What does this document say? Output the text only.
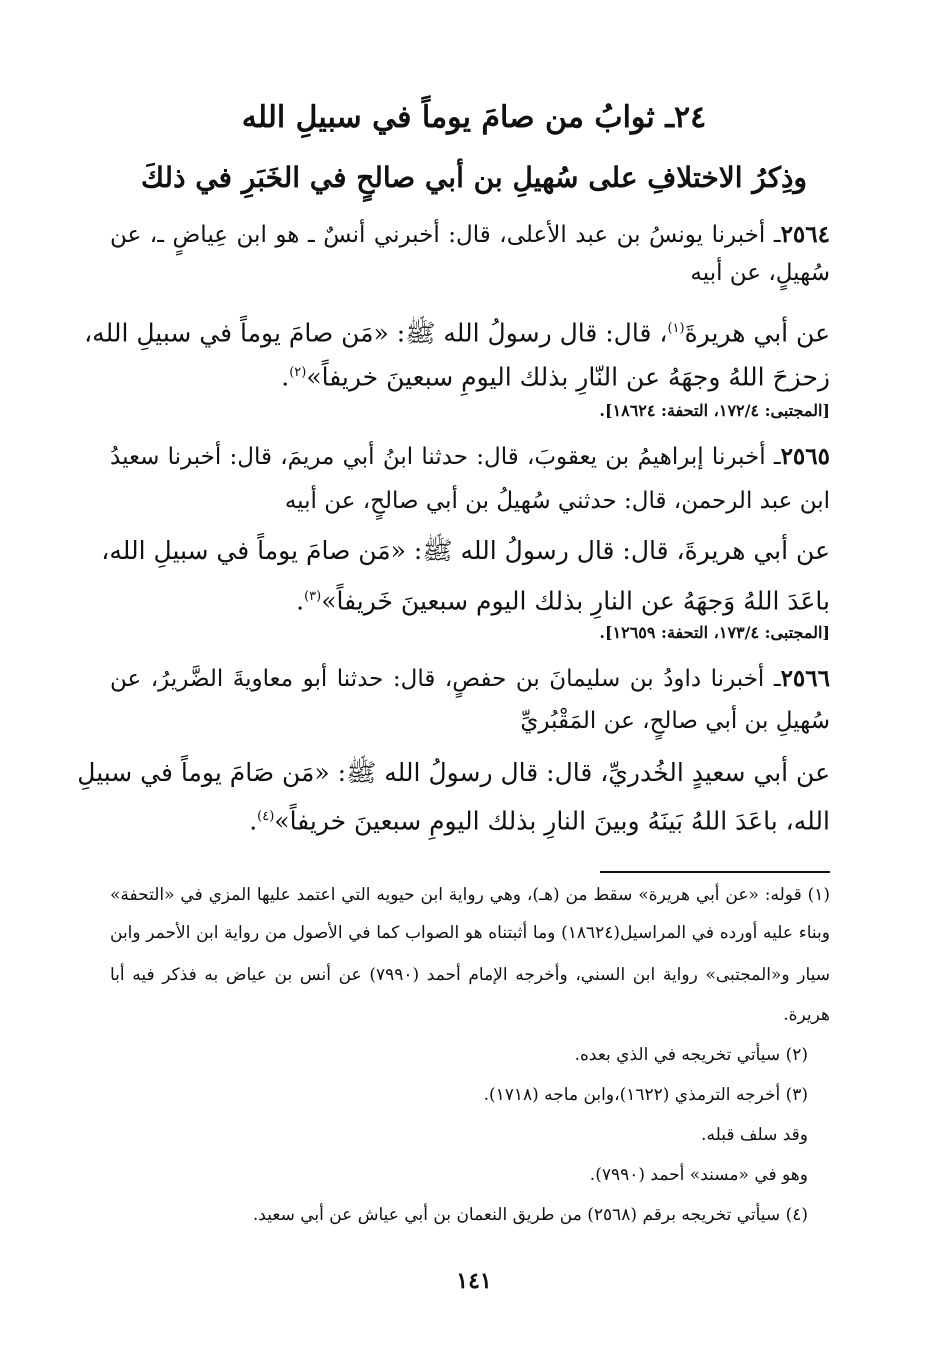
٢٤ـ ثوابُ من صامَ يوماً في سبيلِ الله
وذِكرُ الاختلافِ على سُهيلِ بن أبي صالحٍ في الخَبَرِ في ذلكَ
٢٥٦٤ـ أخبرنا يونسُ بن عبد الأعلى، قال: أخبرني أنسٌ ـ هو ابن عِياضٍ ـ، عن
سُهيلٍ، عن أبيه
عن أبي هريرةَ$^{(١)}$، قال: قال رسولُ الله ﷺ: «مَن صامَ يوماً في سبيلِ الله،
زحزحَ اللهُ وجهَهُ عن النّارِ بذلك اليومِ سبعينَ خريفاً»$^{(٢)}$.
[المجتبى: ١٧٢/٤، التحفة: ١٨٦٢٤].
٢٥٦٥ـ أخبرنا إبراهيمُ بن يعقوبَ، قال: حدثنا ابنُ أبي مريمَ، قال: أخبرنا سعيدُ
ابن عبد الرحمن، قال: حدثني سُهيلُ بن أبي صالحٍ، عن أبيه
عن أبي هريرةَ، قال: قال رسولُ الله ﷺ: «مَن صامَ يوماً في سبيلِ الله،
باعَدَ اللهُ وَجهَهُ عن النارِ بذلك اليوم سبعينَ خَريفاً»$^{(٣)}$.
[المجتبى: ١٧٣/٤، التحفة: ١٢٦٥٩].
٢٥٦٦ـ أخبرنا داودُ بن سليمانَ بن حفصٍ، قال: حدثنا أبو معاويةَ الضَّريرُ، عن
سُهيلِ بن أبي صالحٍ، عن المَقْبُريِّ
عن أبي سعيدٍ الخُدريِّ، قال: قال رسولُ الله ﷺ: «مَن صَامَ يوماً في سبيلِ
الله، باعَدَ اللهُ بَينَهُ وبينَ النارِ بذلك اليومِ سبعينَ خريفاً»$^{(٤)}$.
(١) قوله: «عن أبي هريرة» سقط من (هـ)، وهي رواية ابن حيويه التي اعتمد عليها المزي في «التحفة»
وبناء عليه أورده في المراسيل(١٨٦٢٤) وما أثبتناه هو الصواب كما في الأصول من رواية ابن الأحمر وابن
سيار و«المجتبى» رواية ابن السني، وأخرجه الإمام أحمد (٧٩٩٠) عن أنس بن عياض به فذكر فيه أبا
هريرة.
(٢) سيأتي تخريجه في الذي بعده.
(٣) أخرجه الترمذي (١٦٢٢)،وابن ماجه (١٧١٨).
وقد سلف قبله.
وهو في «مسند» أحمد (٧٩٩٠).
(٤) سيأتي تخريجه برقم (٢٥٦٨) من طريق النعمان بن أبي عياش عن أبي سعيد.
١٤١
